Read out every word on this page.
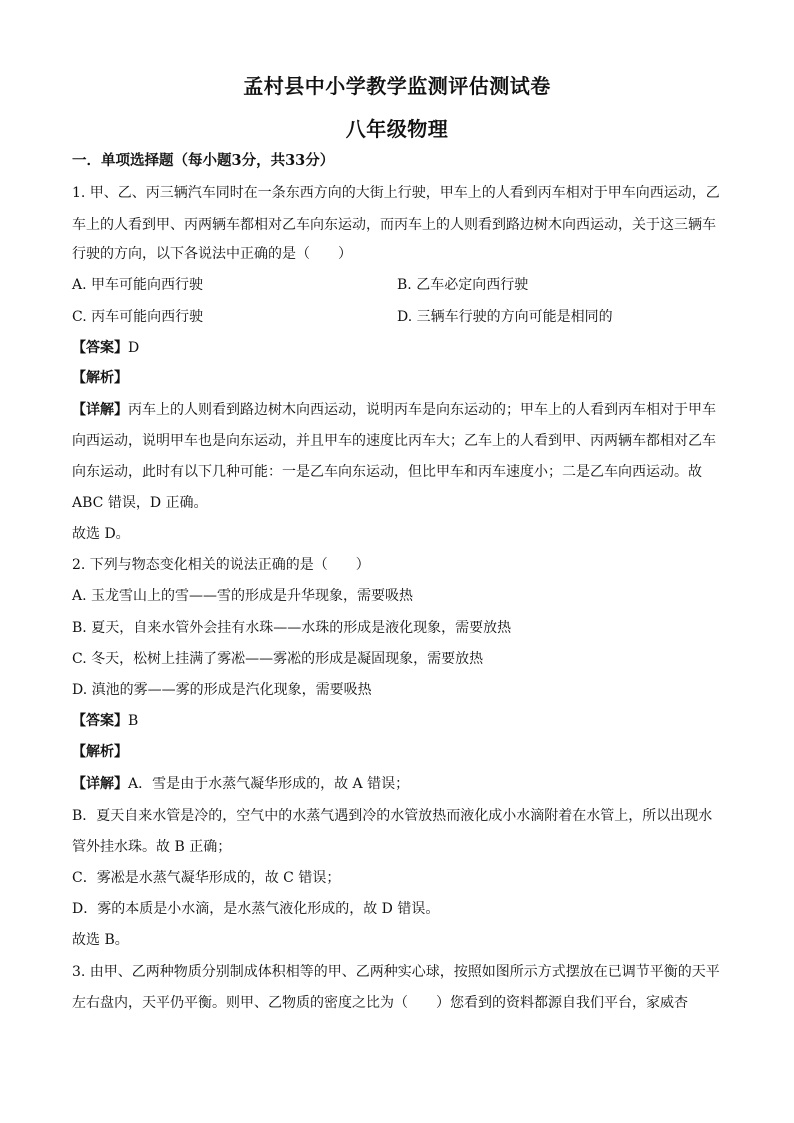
孟村县中小学教学监测评估测试卷
八年级物理
一．单项选择题（每小题3分，共33分）
1. 甲、乙、丙三辆汽车同时在一条东西方向的大街上行驶，甲车上的人看到丙车相对于甲车向西运动，乙
车上的人看到甲、丙两辆车都相对乙车向东运动，而丙车上的人则看到路边树木向西运动，关于这三辆车
行驶的方向，以下各说法中正确的是（　　）
A. 甲车可能向西行驶	B. 乙车必定向西行驶
C. 丙车可能向西行驶	D. 三辆车行驶的方向可能是相同的
【答案】D
【解析】
【详解】丙车上的人则看到路边树木向西运动，说明丙车是向东运动的；甲车上的人看到丙车相对于甲车
向西运动，说明甲车也是向东运动，并且甲车的速度比丙车大；乙车上的人看到甲、丙两辆车都相对乙车
向东运动，此时有以下几种可能：一是乙车向东运动，但比甲车和丙车速度小；二是乙车向西运动。故
ABC 错误，D 正确。
故选 D。
2. 下列与物态变化相关的说法正确的是（　　）
A. 玉龙雪山上的雪——雪的形成是升华现象，需要吸热
B. 夏天，自来水管外会挂有水珠——水珠的形成是液化现象，需要放热
C. 冬天，松树上挂满了雾凇——雾凇的形成是凝固现象，需要放热
D. 滇池的雾——雾的形成是汽化现象，需要吸热
【答案】B
【解析】
【详解】A．雪是由于水蒸气凝华形成的，故 A 错误；
B．夏天自来水管是冷的，空气中的水蒸气遇到冷的水管放热而液化成小水滴附着在水管上，所以出现水
管外挂水珠。故 B 正确；
C．雾凇是水蒸气凝华形成的，故 C 错误；
D．雾的本质是小水滴，是水蒸气液化形成的，故 D 错误。
故选 B。
3. 由甲、乙两种物质分别制成体积相等的甲、乙两种实心球，按照如图所示方式摆放在已调节平衡的天平
左右盘内，天平仍平衡。则甲、乙物质的密度之比为（　　）您看到的资料都源自我们平台，家威杏
